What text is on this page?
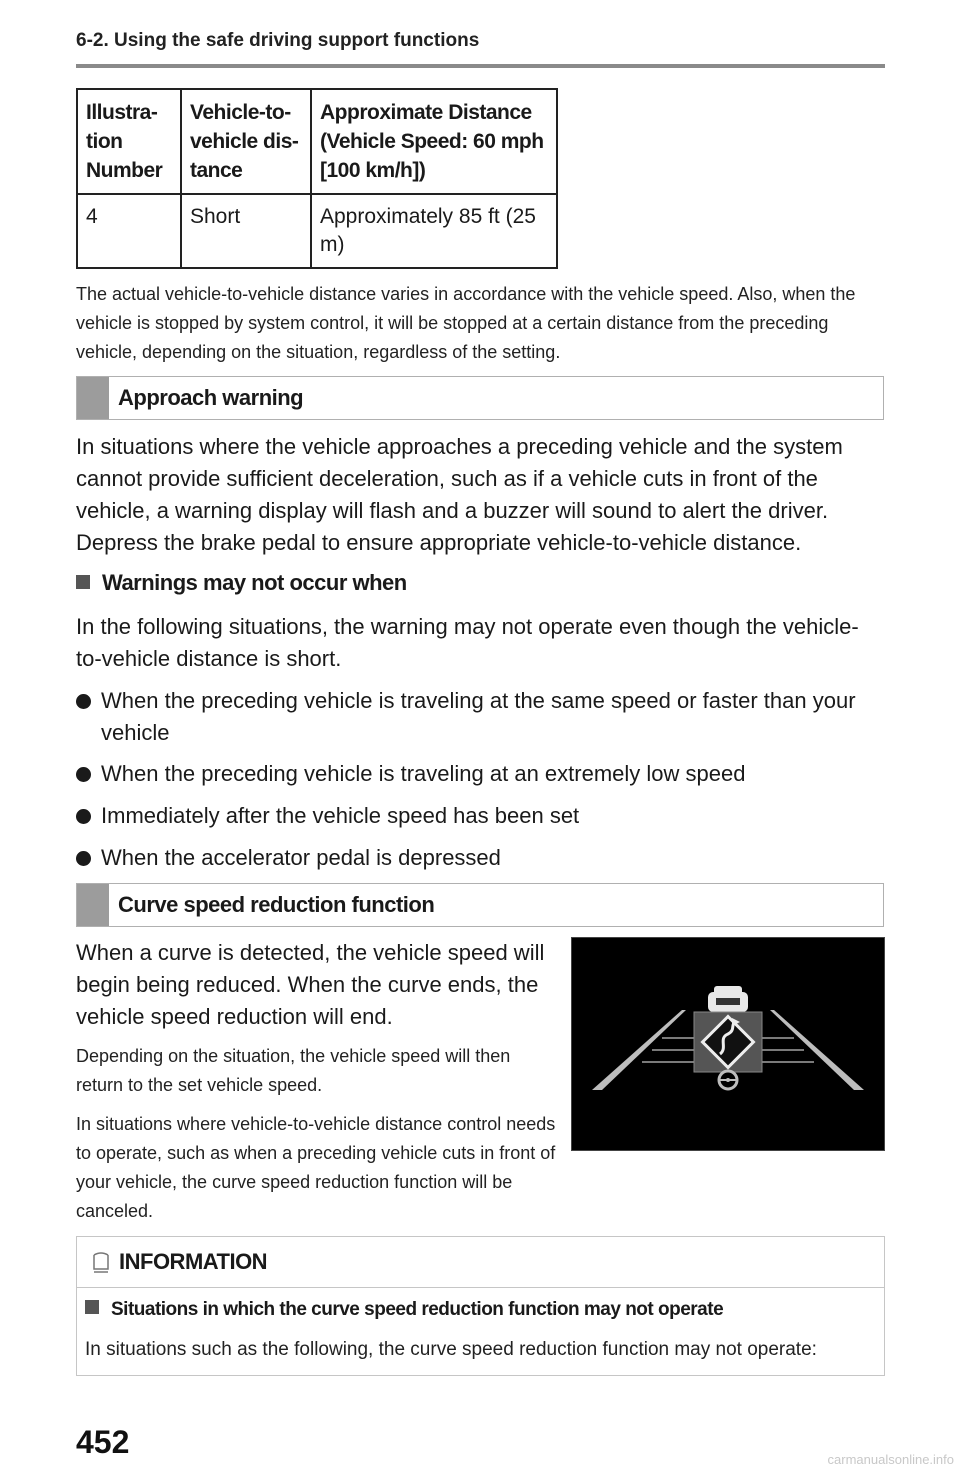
6-2. Using the safe driving support functions
Illustra-
tion
Number	Vehicle-to-
vehicle dis-
tance	Approximate Distance
(Vehicle Speed: 60 mph
[100 km/h])
4	Short	Approximately 85 ft (25
m)
The actual vehicle-to-vehicle distance varies in accordance with the vehicle speed. Also, when the vehicle is stopped by system control, it will be stopped at a certain distance from the preceding vehicle, depending on the situation, regardless of the setting.
Approach warning
In situations where the vehicle approaches a preceding vehicle and the system cannot provide sufficient deceleration, such as if a vehicle cuts in front of the vehicle, a warning display will flash and a buzzer will sound to alert the driver. Depress the brake pedal to ensure appropriate vehicle-to-vehicle distance.
Warnings may not occur when
In the following situations, the warning may not operate even though the vehicle-to-vehicle distance is short.
When the preceding vehicle is traveling at the same speed or faster than your vehicle
When the preceding vehicle is traveling at an extremely low speed
Immediately after the vehicle speed has been set
When the accelerator pedal is depressed
Curve speed reduction function
When a curve is detected, the vehicle speed will begin being reduced. When the curve ends, the vehicle speed reduction will end.
Depending on the situation, the vehicle speed will then return to the set vehicle speed.
In situations where vehicle-to-vehicle distance control needs to operate, such as when a preceding vehicle cuts in front of your vehicle, the curve speed reduction function will be canceled.
INFORMATION
Situations in which the curve speed reduction function may not operate
In situations such as the following, the curve speed reduction function may not operate:
452	carmanualsonline.info
